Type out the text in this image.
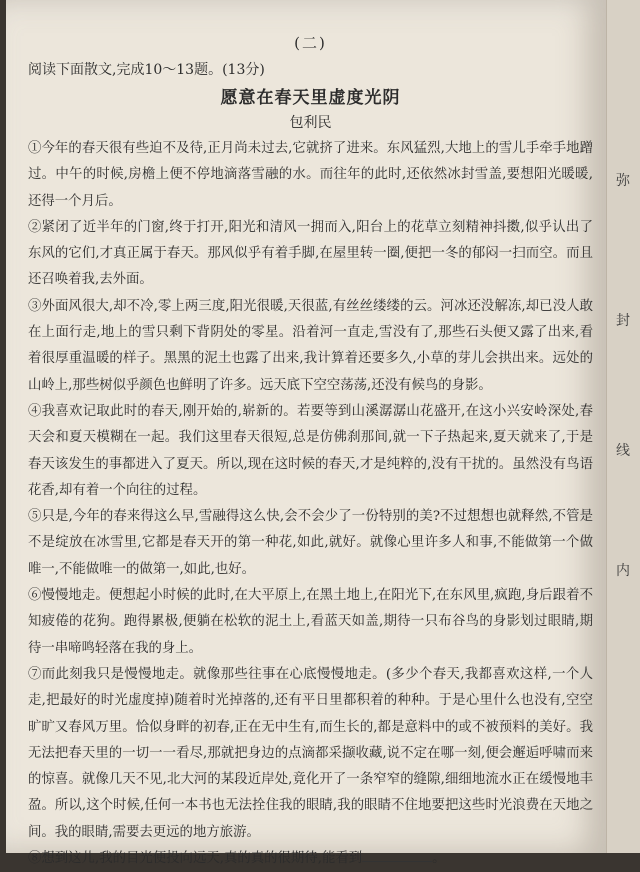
弥
封
线
内
(二)
阅读下面散文,完成10～13题。(13分)
愿意在春天里虚度光阴
包利民

①今年的春天很有些迫不及待,正月尚未过去,它就挤了进来。东风猛烈,大地上的雪儿手牵手地蹭过。中午的时候,房檐上便不停地滴落雪融的水。而往年的此时,还依然冰封雪盖,要想阳光暖暖,还得一个月后。

②紧闭了近半年的门窗,终于打开,阳光和清风一拥而入,阳台上的花草立刻精神抖擞,似乎认出了东风的它们,才真正属于春天。那风似乎有着手脚,在屋里转一圈,便把一冬的郁闷一扫而空。而且还召唤着我,去外面。

③外面风很大,却不冷,零上两三度,阳光很暖,天很蓝,有丝丝缕缕的云。河冰还没解冻,却已没人敢在上面行走,地上的雪只剩下背阴处的零星。沿着河一直走,雪没有了,那些石头便又露了出来,看着很厚重温暖的样子。黑黑的泥土也露了出来,我计算着还要多久,小草的芽儿会拱出来。远处的山岭上,那些树似乎颜色也鲜明了许多。远天底下空空荡荡,还没有候鸟的身影。

④我喜欢记取此时的春天,刚开始的,崭新的。若要等到山溪潺潺山花盛开,在这小兴安岭深处,春天会和夏天模糊在一起。我们这里春天很短,总是仿佛刹那间,就一下子热起来,夏天就来了,于是春天该发生的事都进入了夏天。所以,现在这时候的春天,才是纯粹的,没有干扰的。虽然没有鸟语花香,却有着一个向往的过程。

⑤只是,今年的春来得这么早,雪融得这么快,会不会少了一份特别的美?不过想想也就释然,不管是不是绽放在冰雪里,它都是春天开的第一种花,如此,就好。就像心里许多人和事,不能做第一个做唯一,不能做唯一的做第一,如此,也好。

⑥慢慢地走。便想起小时候的此时,在大平原上,在黑土地上,在阳光下,在东风里,疯跑,身后跟着不知疲倦的花狗。跑得累极,便躺在松软的泥土上,看蓝天如盖,期待一只布谷鸟的身影划过眼睛,期待一串啼鸣轻落在我的身上。

⑦而此刻我只是慢慢地走。就像那些往事在心底慢慢地走。(多少个春天,我都喜欢这样,一个人走,把最好的时光虚度掉)随着时光掉落的,还有平日里都积着的种种。于是心里什么也没有,空空旷旷又春风万里。恰似身畔的初春,正在无中生有,而生长的,都是意料中的或不被预料的美好。我无法把春天里的一切一一看尽,那就把身边的点滴都采撷收藏,说不定在哪一刻,便会邂逅呼啸而来的惊喜。就像几天不见,北大河的某段近岸处,竟化开了一条窄窄的缝隙,细细地流水正在缓慢地丰盈。所以,这个时候,任何一本书也无法拴住我的眼睛,我的眼睛不住地要把这些时光浪费在天地之间。我的眼睛,需要去更远的地方旅游。

⑧想到这儿,我的目光便投向远天,真的真的很期待,能看到	。
